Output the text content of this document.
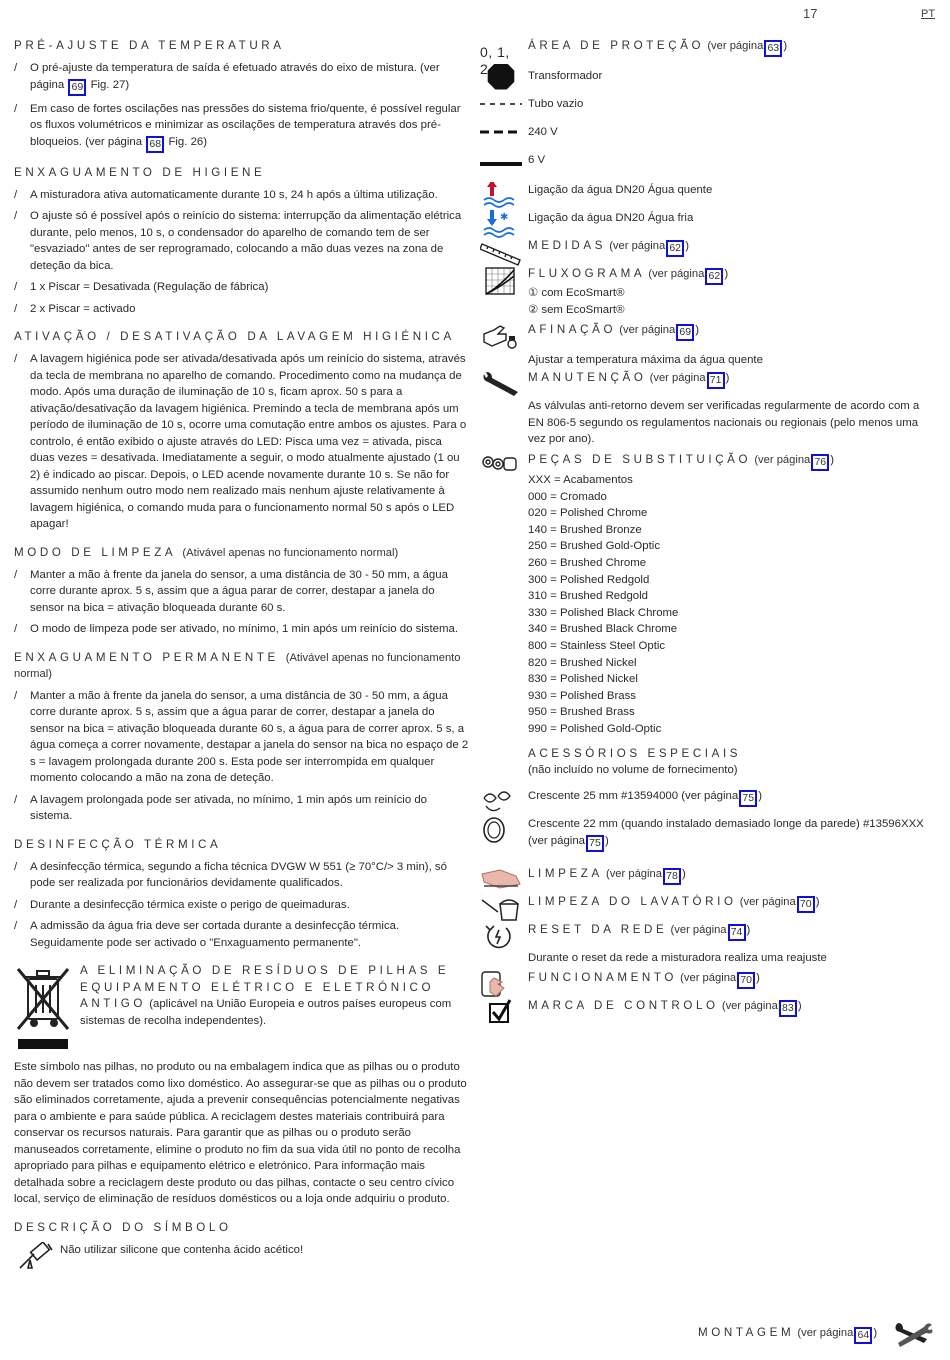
17	PT
PRÉ-AJUSTE DA TEMPERATURA
/ O pré-ajuste da temperatura de saída é efetuado através do eixo de mistura. (ver página 69 Fig. 27)
/ Em caso de fortes oscilações nas pressões do sistema frio/quente, é possível regular os fluxos volumétricos e minimizar as oscilações de temperatura através dos pré-bloqueios. (ver página 68 Fig. 26)
ENXAGUAMENTO DE HIGIENE
/ A misturadora ativa automaticamente durante 10 s, 24 h após a última utilização.
/ O ajuste só é possível após o reinício do sistema: interrupção da alimentação elétrica durante, pelo menos, 10 s, o condensador do aparelho de comando tem de ser "esvaziado" antes de ser reprogramado, colocando a mão duas vezes na zona de deteção da bica.
/ 1 x Piscar = Desativada (Regulação de fábrica)
/ 2 x Piscar = activado
ATIVAÇÃO / DESATIVAÇÃO DA LAVAGEM HIGIÉNICA
/ A lavagem higiénica pode ser ativada/desativada após um reinício do sistema, através da tecla de membrana no aparelho de comando. Procedimento como na mudança de modo. Após uma duração de iluminação de 10 s, ficam aprox. 50 s para a ativação/desativação da lavagem higiénica. Premindo a tecla de membrana após um período de iluminação de 10 s, ocorre uma comutação entre ambos os ajustes. Para o controlo, é então exibido o ajuste através do LED: Pisca uma vez = ativada, pisca duas vezes = desativada. Imediatamente a seguir, o modo atualmente ajustado (1 ou 2) é indicado ao piscar. Depois, o LED acende novamente durante 10 s. Se não for assumido nenhum outro modo nem realizado mais nenhum ajuste relativamente à lavagem higiénica, o comando muda para o funcionamento normal 50 s após o LED apagar!
MODO DE LIMPEZA (Ativável apenas no funcionamento normal)
/ Manter a mão à frente da janela do sensor, a uma distância de 30 - 50 mm, a água corre durante aprox. 5 s, assim que a água parar de correr, destapar a janela do sensor na bica = ativação bloqueada durante 60 s.
/ O modo de limpeza pode ser ativado, no mínimo, 1 min após um reinício do sistema.
ENXAGUAMENTO PERMANENTE (Ativável apenas no funcionamento normal)
/ Manter a mão à frente da janela do sensor, a uma distância de 30 - 50 mm, a água corre durante aprox. 5 s, assim que a água parar de correr, destapar a janela do sensor na bica = ativação bloqueada durante 60 s, a água para de correr aprox. 5 s, a água começa a correr novamente, destapar a janela do sensor na bica no espaço de 2 s = lavagem prolongada durante 200 s. Esta pode ser interrompida em qualquer momento colocando a mão na zona de deteção.
/ A lavagem prolongada pode ser ativada, no mínimo, 1 min após um reinício do sistema.
DESINFECÇÃO TÉRMICA
/ A desinfecção térmica, segundo a ficha técnica DVGW W 551 (≥ 70°C/> 3 min), só pode ser realizada por funcionários devidamente qualificados.
/ Durante a desinfecção térmica existe o perigo de queimaduras.
/ A admissão da água fria deve ser cortada durante a desinfecção térmica. Seguidamente pode ser activado o "Enxaguamento permanente".
A ELIMINAÇÃO DE RESÍDUOS DE PILHAS E EQUIPAMENTO ELÉTRICO E ELETRÓNICO ANTIGO (aplicável na União Europeia e outros países europeus com sistemas de recolha independentes).
Este símbolo nas pilhas, no produto ou na embalagem indica que as pilhas ou o produto não devem ser tratados como lixo doméstico. Ao assegurar-se que as pilhas ou o produto são eliminados corretamente, ajuda a prevenir consequências potencialmente negativas para o ambiente e para saúde pública. A reciclagem destes materiais contribuirá para conservar os recursos naturais. Para garantir que as pilhas ou o produto serão manuseados corretamente, elimine o produto no fim da sua vida útil no ponto de recolha apropriado para pilhas e equipamento elétrico e eletrónico. Para informação mais detalhada sobre a reciclagem deste produto ou das pilhas, contacte o seu centro cívico local, serviço de eliminação de resíduos domésticos ou a loja onde adquiriu o produto.
DESCRIÇÃO DO SÍMBOLO
Não utilizar silicone que contenha ácido acético!
0, 1, 2
ÁREA DE PROTEÇÃO (ver página 63 )
Transformador
Tubo vazio
240 V
6 V
Ligação da água DN20 Água quente
✱ Ligação da água DN20 Água fria
MEDIDAS (ver página 62 )
FLUXOGRAMA (ver página 62 )
① com EcoSmart®
② sem EcoSmart®
AFINAÇÃO (ver página 69 )
Ajustar a temperatura máxima da água quente
MANUTENÇÃO (ver página 71 )
As válvulas anti-retorno devem ser verificadas regularmente de acordo com a EN 806-5 segundo os regulamentos nacionais ou regionais (pelo menos uma vez por ano).
PEÇAS DE SUBSTITUIÇÃO (ver página 76 )
XXX = Acabamentos
000 = Cromado
020 = Polished Chrome
140 = Brushed Bronze
250 = Brushed Gold-Optic
260 = Brushed Chrome
300 = Polished Redgold
310 = Brushed Redgold
330 = Polished Black Chrome
340 = Brushed Black Chrome
800 = Stainless Steel Optic
820 = Brushed Nickel
830 = Polished Nickel
930 = Polished Brass
950 = Brushed Brass
990 = Polished Gold-Optic
ACESSÓRIOS ESPECIAIS
(não incluído no volume de fornecimento)
Crescente 25 mm #13594000 (ver página 75 )
Crescente 22 mm (quando instalado demasiado longe da parede) #13596XXX (ver página 75 )
LIMPEZA (ver página 78 )
LIMPEZA DO LAVATÓRIO (ver página 70 )
RESET DA REDE (ver página 74 )
Durante o reset da rede a misturadora realiza uma reajuste
FUNCIONAMENTO (ver página 70 )
MARCA DE CONTROLO (ver página 83 )
MONTAGEM (ver página 64 )
